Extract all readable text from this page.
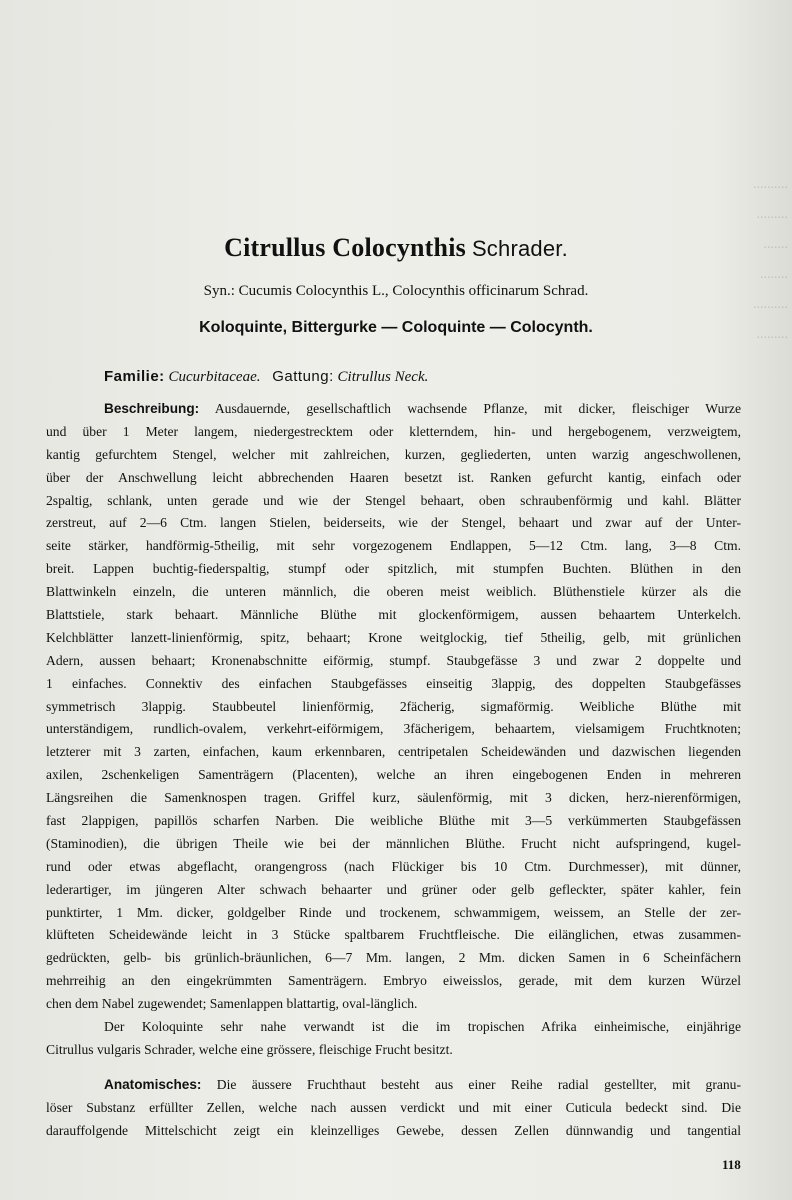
..........
.........
.......
........
..........
.........
Citrullus Colocynthis Schrader.
Syn.: Cucumis Colocynthis L., Colocynthis officinarum Schrad.
Koloquinte, Bittergurke — Coloquinte — Colocynth.
Familie: Cucurbitaceae. Gattung: Citrullus Neck.
Beschreibung: Ausdauernde, gesellschaftlich wachsende Pflanze, mit dicker, fleischiger Wurze
und über 1 Meter langem, niedergestrecktem oder kletterndem, hin- und hergebogenem, verzweigtem,
kantig gefurchtem Stengel, welcher mit zahlreichen, kurzen, gegliederten, unten warzig angeschwollenen,
über der Anschwellung leicht abbrechenden Haaren besetzt ist. Ranken gefurcht kantig, einfach oder
2spaltig, schlank, unten gerade und wie der Stengel behaart, oben schraubenförmig und kahl. Blätter
zerstreut, auf 2—6 Ctm. langen Stielen, beiderseits, wie der Stengel, behaart und zwar auf der Unter-
seite stärker, handförmig-5theilig, mit sehr vorgezogenem Endlappen, 5—12 Ctm. lang, 3—8 Ctm.
breit. Lappen buchtig-fiederspaltig, stumpf oder spitzlich, mit stumpfen Buchten. Blüthen in den
Blattwinkeln einzeln, die unteren männlich, die oberen meist weiblich. Blüthenstiele kürzer als die
Blattstiele, stark behaart. Männliche Blüthe mit glockenförmigem, aussen behaartem Unterkelch.
Kelchblätter lanzett-linienförmig, spitz, behaart; Krone weitglockig, tief 5theilig, gelb, mit grünlichen
Adern, aussen behaart; Kronenabschnitte eiförmig, stumpf. Staubgefässe 3 und zwar 2 doppelte und
1 einfaches. Connektiv des einfachen Staubgefässes einseitig 3lappig, des doppelten Staubgefässes
symmetrisch 3lappig. Staubbeutel linienförmig, 2fächerig, sigmaförmig. Weibliche Blüthe mit
unterständigem, rundlich-ovalem, verkehrt-eiförmigem, 3fächerigem, behaartem, vielsamigem Fruchtknoten;
letzterer mit 3 zarten, einfachen, kaum erkennbaren, centripetalen Scheidewänden und dazwischen liegenden
axilen, 2schenkeligen Samenträgern (Placenten), welche an ihren eingebogenen Enden in mehreren
Längsreihen die Samenknospen tragen. Griffel kurz, säulenförmig, mit 3 dicken, herz-nierenförmigen,
fast 2lappigen, papillös scharfen Narben. Die weibliche Blüthe mit 3—5 verkümmerten Staubgefässen
(Staminodien), die übrigen Theile wie bei der männlichen Blüthe. Frucht nicht aufspringend, kugel-
rund oder etwas abgeflacht, orangengross (nach Flückiger bis 10 Ctm. Durchmesser), mit dünner,
lederartiger, im jüngeren Alter schwach behaarter und grüner oder gelb gefleckter, später kahler, fein
punktirter, 1 Mm. dicker, goldgelber Rinde und trockenem, schwammigem, weissem, an Stelle der zer-
klüfteten Scheidewände leicht in 3 Stücke spaltbarem Fruchtfleische. Die eilänglichen, etwas zusammen-
gedrückten, gelb- bis grünlich-bräunlichen, 6—7 Mm. langen, 2 Mm. dicken Samen in 6 Scheinfächern
mehrreihig an den eingekrümmten Samenträgern. Embryo eiweisslos, gerade, mit dem kurzen Würzel
chen dem Nabel zugewendet; Samenlappen blattartig, oval-länglich.
Der Koloquinte sehr nahe verwandt ist die im tropischen Afrika einheimische, einjährige
Citrullus vulgaris Schrader, welche eine grössere, fleischige Frucht besitzt.
Anatomisches: Die äussere Fruchthaut besteht aus einer Reihe radial gestellter, mit granu-
löser Substanz erfüllter Zellen, welche nach aussen verdickt und mit einer Cuticula bedeckt sind. Die
darauffolgende Mittelschicht zeigt ein kleinzelliges Gewebe, dessen Zellen dünnwandig und tangential
118
